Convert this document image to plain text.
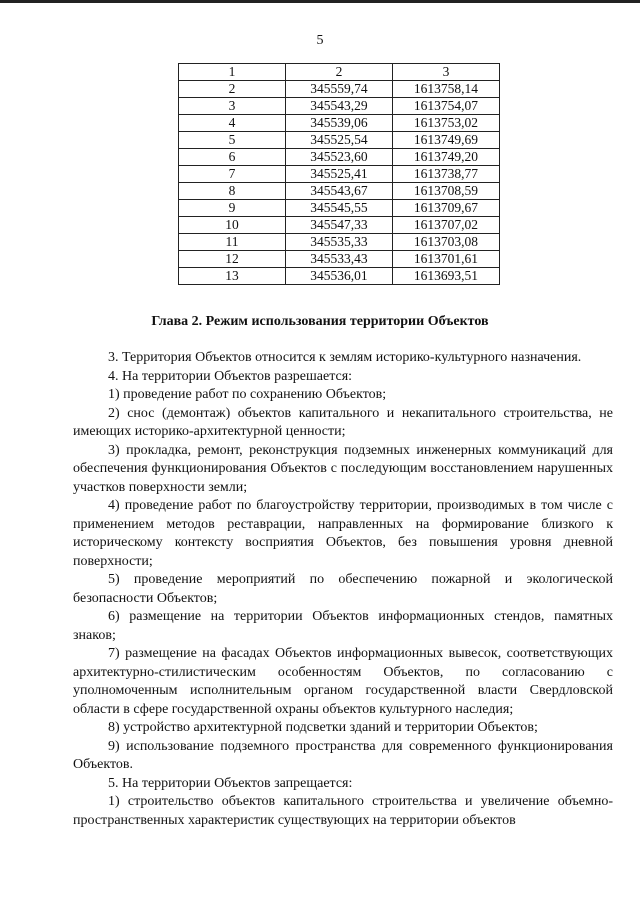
5
1	2	3
2	345559,74	1613758,14
3	345543,29	1613754,07
4	345539,06	1613753,02
5	345525,54	1613749,69
6	345523,60	1613749,20
7	345525,41	1613738,77
8	345543,67	1613708,59
9	345545,55	1613709,67
10	345547,33	1613707,02
11	345535,33	1613703,08
12	345533,43	1613701,61
13	345536,01	1613693,51
Глава 2. Режим использования территории Объектов

3. Территория Объектов относится к землям историко-культурного назначения.

4. На территории Объектов разрешается:

1) проведение работ по сохранению Объектов;

2) снос (демонтаж) объектов капитального и некапитального строительства, не имеющих историко-архитектурной ценности;

3) прокладка, ремонт, реконструкция подземных инженерных коммуникаций для обеспечения функционирования Объектов с последующим восстановлением нарушенных участков поверхности земли;

4) проведение работ по благоустройству территории, производимых в том числе с применением методов реставрации, направленных на формирование близкого к историческому контексту восприятия Объектов, без повышения уровня дневной поверхности;

5) проведение мероприятий по обеспечению пожарной и экологической безопасности Объектов;

6) размещение на территории Объектов информационных стендов, памятных знаков;

7) размещение на фасадах Объектов информационных вывесок, соответствующих архитектурно-стилистическим особенностям Объектов, по согласованию с уполномоченным исполнительным органом государственной власти Свердловской области в сфере государственной охраны объектов культурного наследия;

8) устройство архитектурной подсветки зданий и территории Объектов;

9) использование подземного пространства для современного функционирования Объектов.

5. На территории Объектов запрещается:

1) строительство объектов капитального строительства и увеличение объемно-пространственных характеристик существующих на территории объектов
